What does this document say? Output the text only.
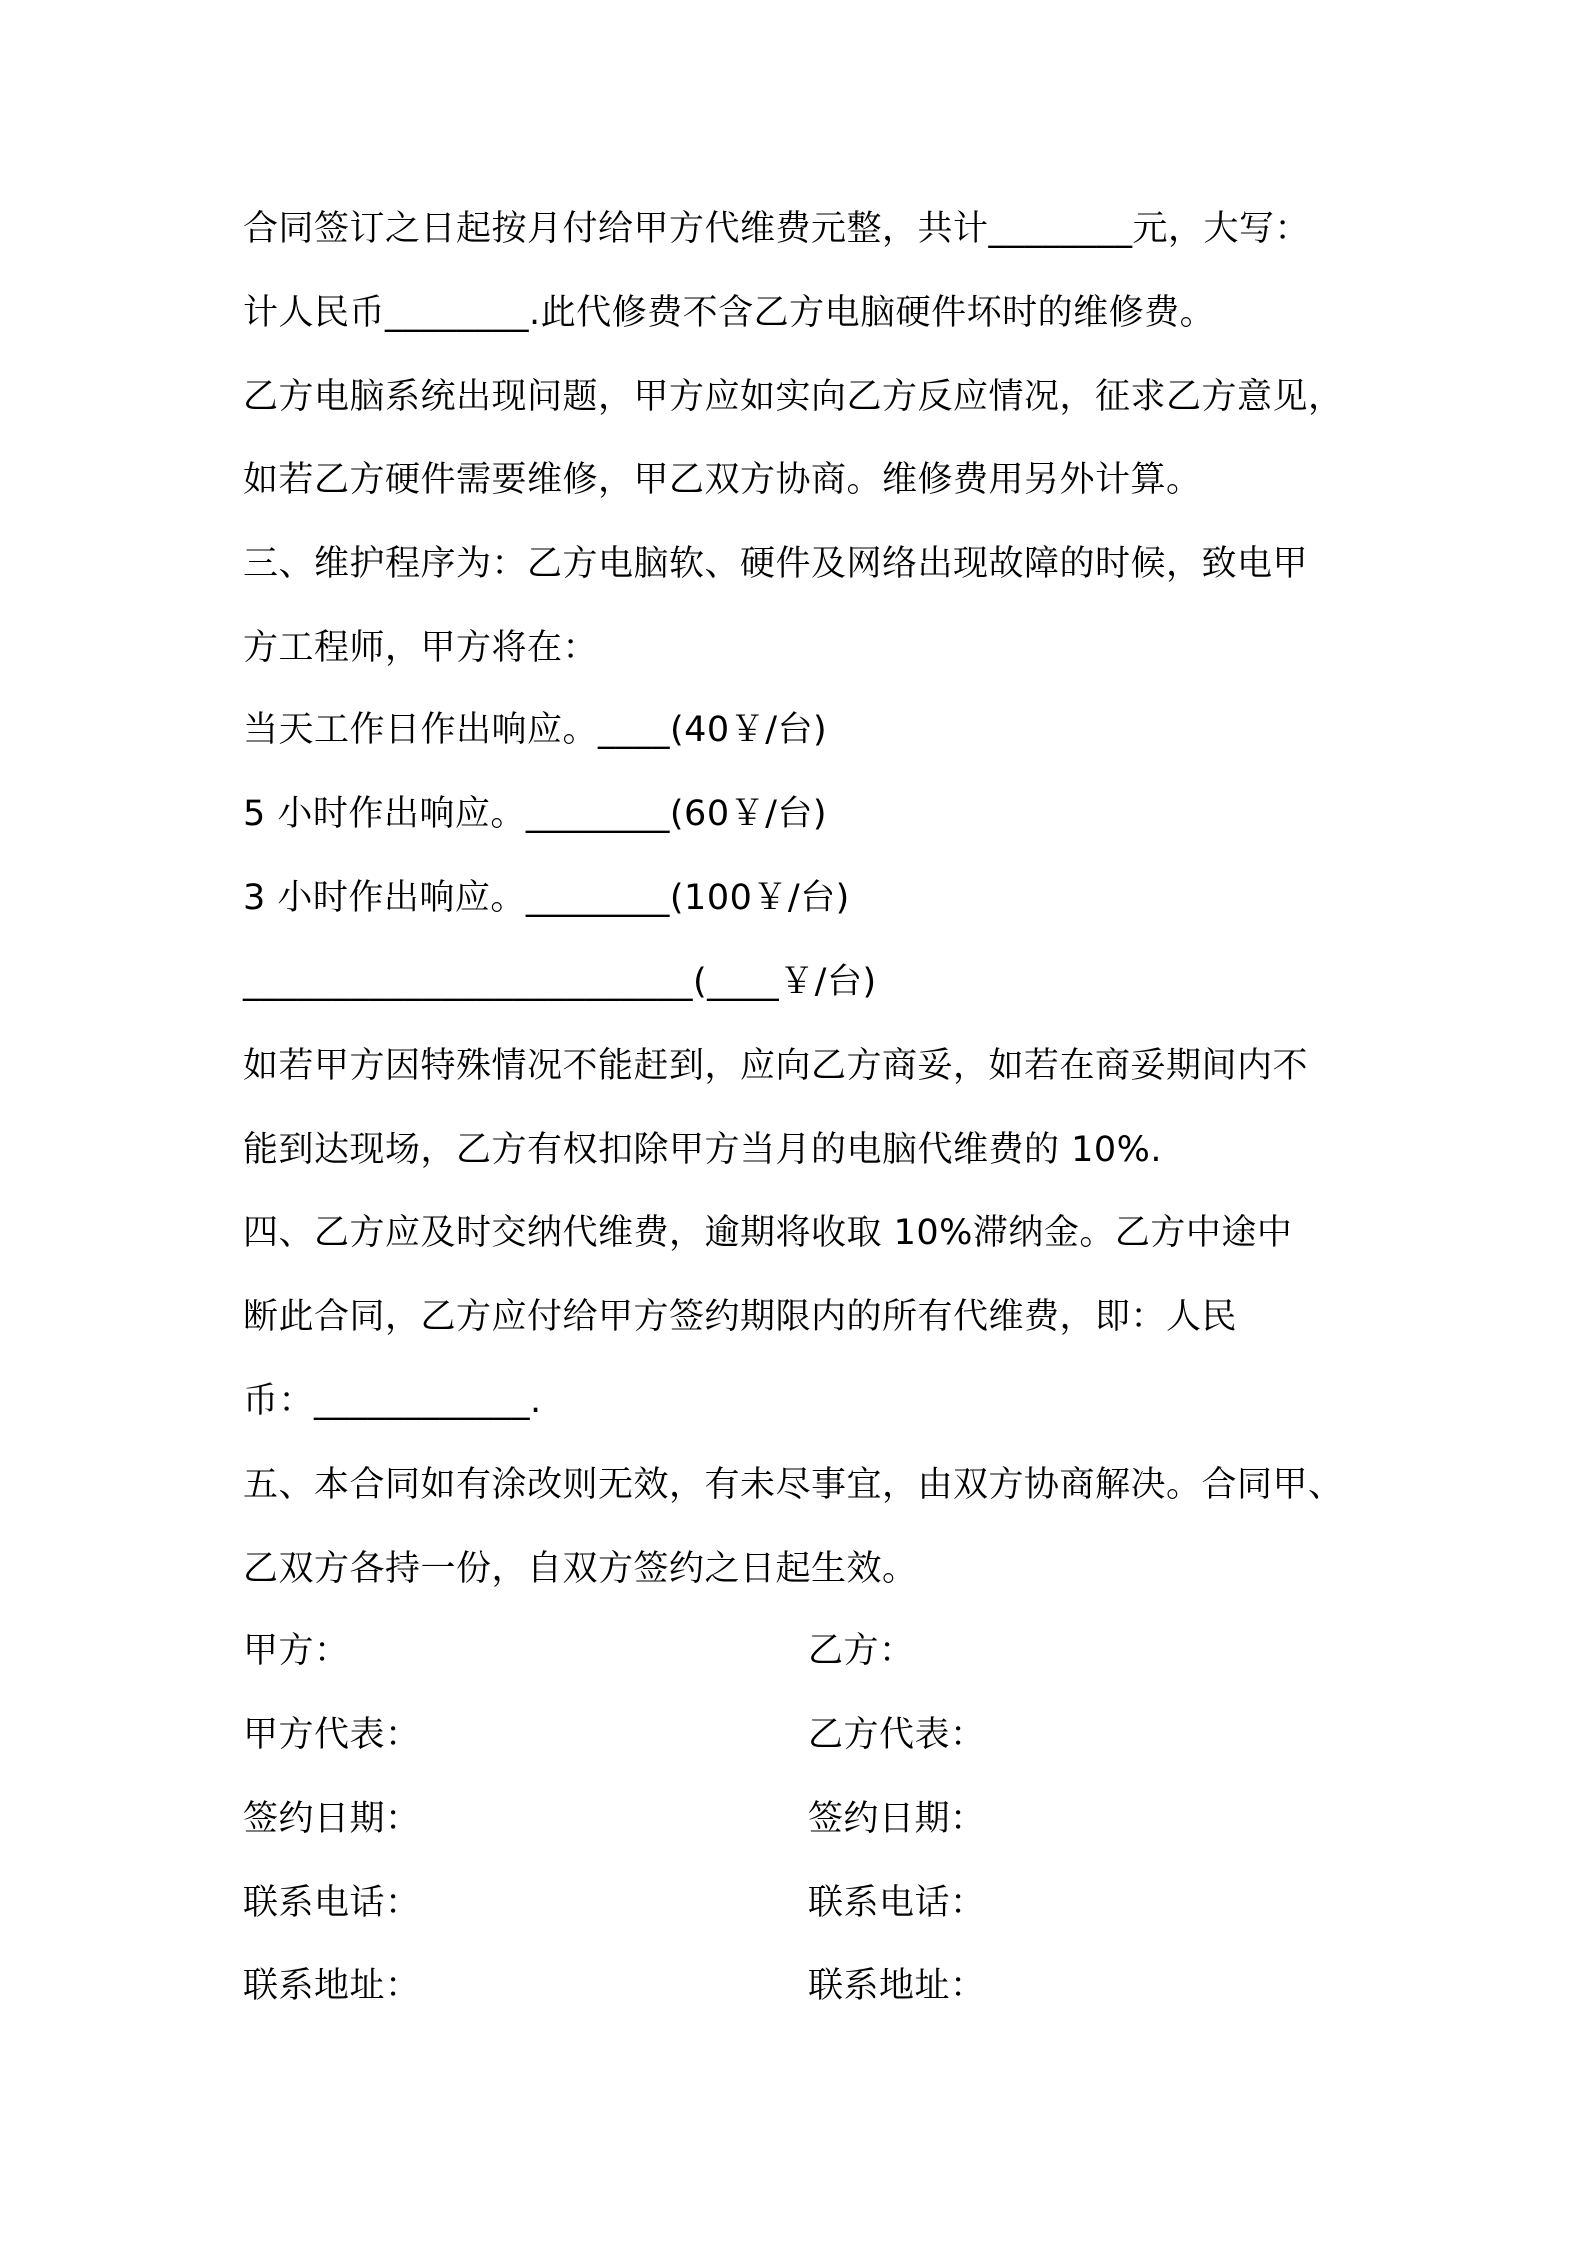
合同签订之日起按月付给甲方代维费元整，共计________元，大写：
计人民币________.此代修费不含乙方电脑硬件坏时的维修费。
乙方电脑系统出现问题，甲方应如实向乙方反应情况，征求乙方意见，
如若乙方硬件需要维修，甲乙双方协商。维修费用另外计算。
三、维护程序为：乙方电脑软、硬件及网络出现故障的时候，致电甲
方工程师，甲方将在：
当天工作日作出响应。____(40￥/台)
5 小时作出响应。________(60￥/台)
3 小时作出响应。________(100￥/台)
_________________________(____￥/台)
如若甲方因特殊情况不能赶到，应向乙方商妥，如若在商妥期间内不
能到达现场，乙方有权扣除甲方当月的电脑代维费的 10%.
四、乙方应及时交纳代维费，逾期将收取 10%滞纳金。乙方中途中
断此合同，乙方应付给甲方签约期限内的所有代维费，即：人民
币：____________.
五、本合同如有涂改则无效，有未尽事宜，由双方协商解决。合同甲、
乙双方各持一份，自双方签约之日起生效。
甲方：	乙方：
甲方代表：	乙方代表：
签约日期：	签约日期：
联系电话：	联系电话：
联系地址：	联系地址：
